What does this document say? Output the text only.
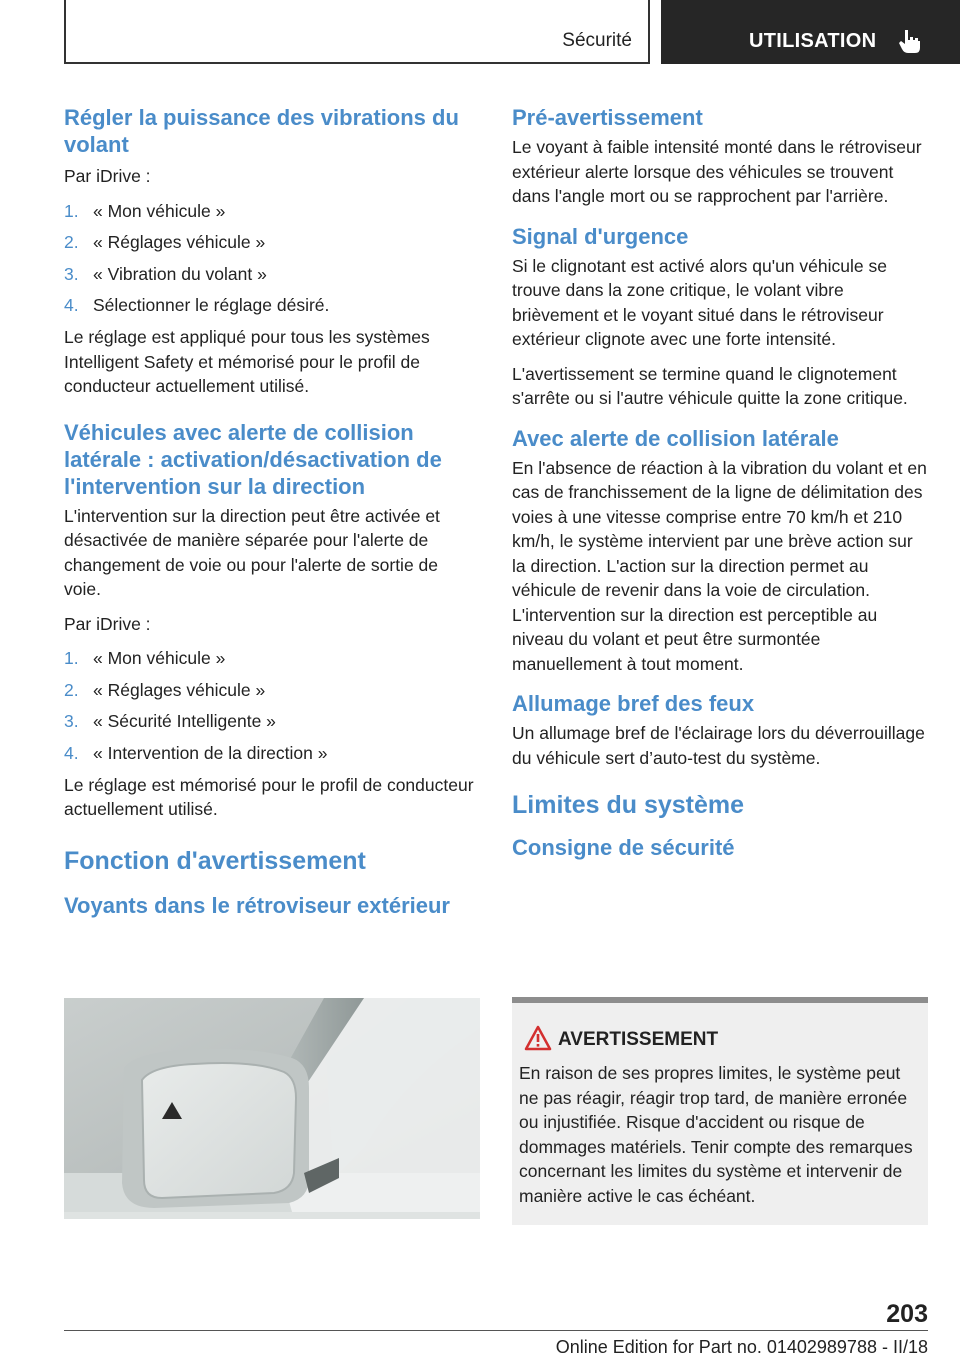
Sécurité	UTILISATION
Régler la puissance des vibrations du volant

Par iDrive :

1. « Mon véhicule »
2. « Réglages véhicule »
3. « Vibration du volant »
4. Sélectionner le réglage désiré.

Le réglage est appliqué pour tous les systèmes Intelligent Safety et mémorisé pour le profil de conducteur actuellement utilisé.

Véhicules avec alerte de collision latérale : activation/désactivation de l'intervention sur la direction

L'intervention sur la direction peut être activée et désactivée de manière séparée pour l'alerte de changement de voie ou pour l'alerte de sortie de voie.

Par iDrive :

1. « Mon véhicule »
2. « Réglages véhicule »
3. « Sécurité Intelligente »
4. « Intervention de la direction »

Le réglage est mémorisé pour le profil de conducteur actuellement utilisé.

Fonction d'avertissement
Voyants dans le rétroviseur extérieur
Pré-avertissement

Le voyant à faible intensité monté dans le rétroviseur extérieur alerte lorsque des véhicules se trouvent dans l'angle mort ou se rapprochent par l'arrière.

Signal d'urgence

Si le clignotant est activé alors qu'un véhicule se trouve dans la zone critique, le volant vibre brièvement et le voyant situé dans le rétroviseur extérieur clignote avec une forte intensité.

L'avertissement se termine quand le clignotement s'arrête ou si l'autre véhicule quitte la zone critique.

Avec alerte de collision latérale

En l'absence de réaction à la vibration du volant et en cas de franchissement de la ligne de délimitation des voies à une vitesse comprise entre 70 km/h et 210 km/h, le système intervient par une brève action sur la direction. L'action sur la direction permet au véhicule de revenir dans la voie de circulation. L'intervention sur la direction est perceptible au niveau du volant et peut être surmontée manuellement à tout moment.

Allumage bref des feux

Un allumage bref de l'éclairage lors du déverrouillage du véhicule sert d’auto-test du système.

Limites du système
Consigne de sécurité
AVERTISSEMENT

En raison de ses propres limites, le système peut ne pas réagir, réagir trop tard, de manière erronée ou injustifiée. Risque d'accident ou risque de dommages matériels. Tenir compte des remarques concernant les limites du système et intervenir de manière active le cas échéant.

203
Online Edition for Part no. 01402989788 - II/18
